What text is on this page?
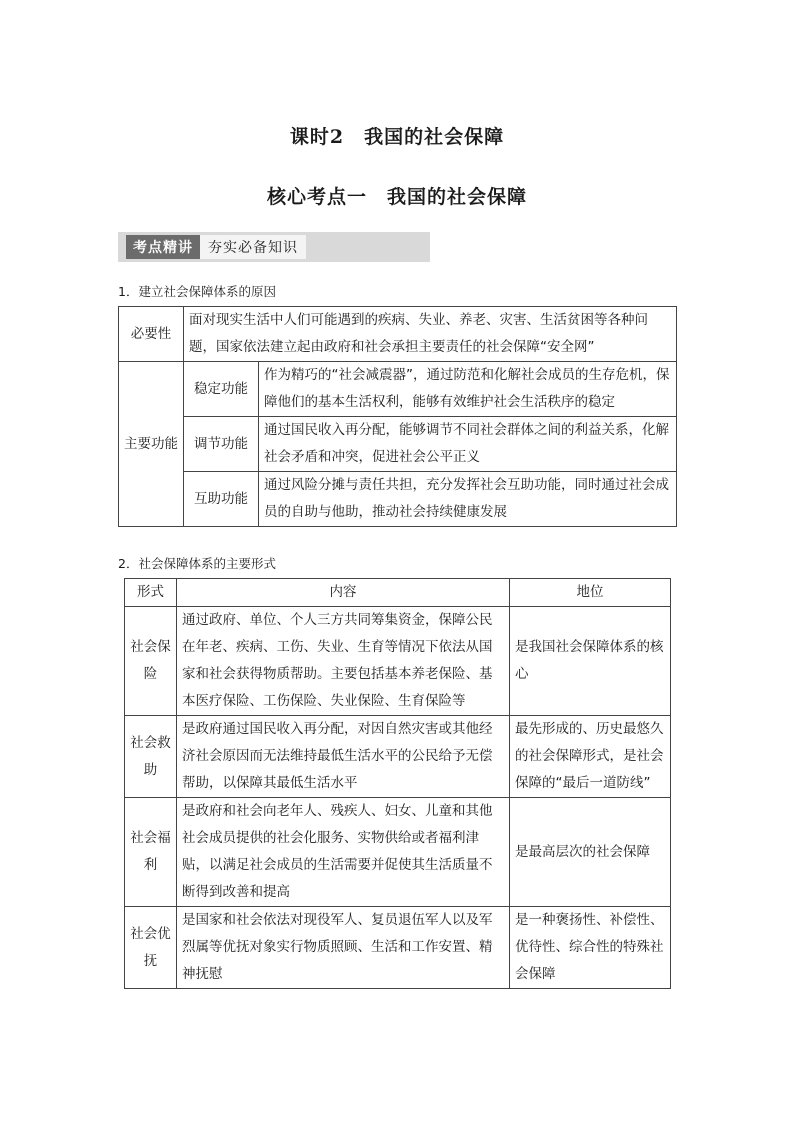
课时2　我国的社会保障
核心考点一　我国的社会保障
考点精讲	夯实必备知识
1．建立社会保障体系的原因
必要性	面对现实生活中人们可能遇到的疾病、失业、养老、灾害、生活贫困等各种问题，国家依法建立起由政府和社会承担主要责任的社会保障“安全网”	
主要功能	稳定功能	作为精巧的“社会减震器”，通过防范和化解社会成员的生存危机，保障他们的基本生活权利，能够有效维护社会生活秩序的稳定
	调节功能	通过国民收入再分配，能够调节不同社会群体之间的利益关系，化解社会矛盾和冲突，促进社会公平正义
	互助功能	通过风险分摊与责任共担，充分发挥社会互助功能，同时通过社会成员的自助与他助，推动社会持续健康发展
2．社会保障体系的主要形式
形式	内容	地位
社会保险	通过政府、单位、个人三方共同筹集资金，保障公民在年老、疾病、工伤、失业、生育等情况下依法从国家和社会获得物质帮助。主要包括基本养老保险、基本医疗保险、工伤保险、失业保险、生育保险等	是我国社会保障体系的核心
社会救助	是政府通过国民收入再分配，对因自然灾害或其他经济社会原因而无法维持最低生活水平的公民给予无偿帮助，以保障其最低生活水平	最先形成的、历史最悠久的社会保障形式，是社会保障的“最后一道防线”
社会福利	是政府和社会向老年人、残疾人、妇女、儿童和其他社会成员提供的社会化服务、实物供给或者福利津贴，以满足社会成员的生活需要并促使其生活质量不断得到改善和提高	是最高层次的社会保障
社会优抚	是国家和社会依法对现役军人、复员退伍军人以及军烈属等优抚对象实行物质照顾、生活和工作安置、精神抚慰	是一种褒扬性、补偿性、优待性、综合性的特殊社会保障
